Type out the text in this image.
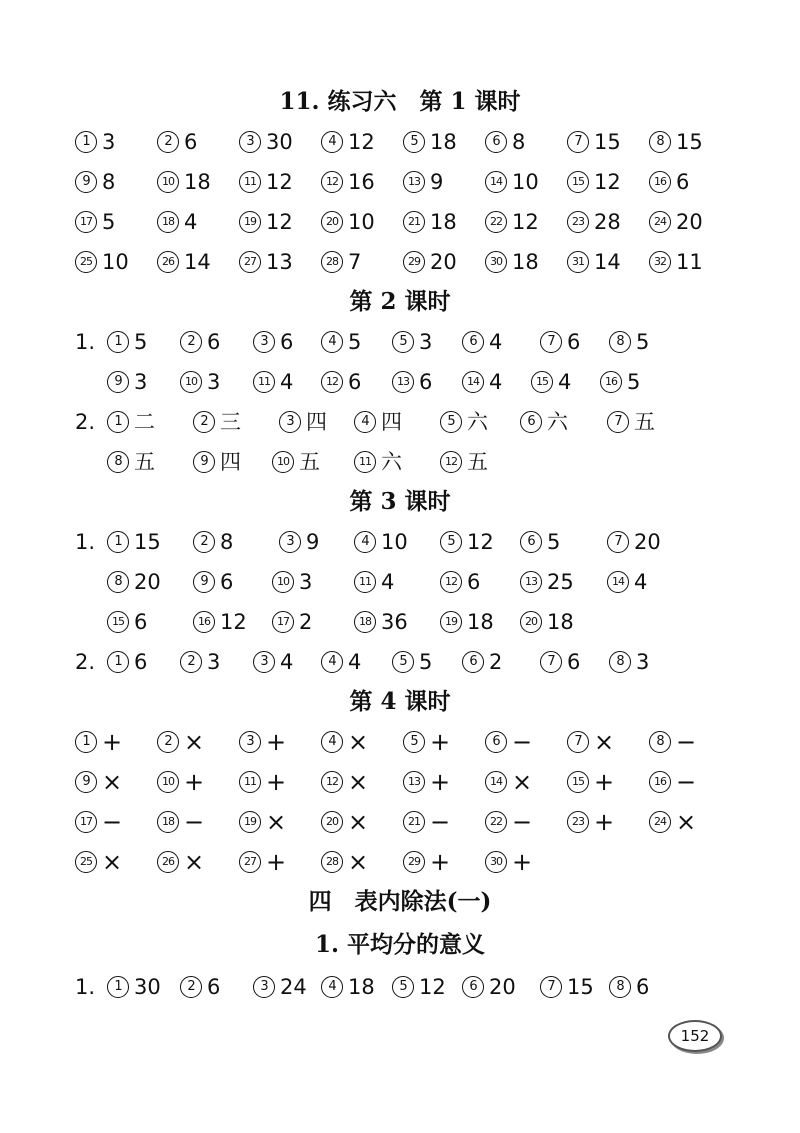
11. 练习六　第 1 课时
第 2 课时
第 3 课时
第 4 课时
四　表内除法(一)
1. 平均分的意义
1 3	2 6	3 30	4 12	5 18	6 8	7 15	8 15
9 8	10 18	11 12	12 16	13 9	14 10	15 12	16 6
17 5	18 4	19 12	20 10	21 18	22 12	23 28	24 20
25 10	26 14	27 13	28 7	29 20	30 18	31 14	32 11
1.	1 5	2 6	3 6	4 5	5 3	6 4	7 6	8 5
9 3	10 3	11 4	12 6	13 6	14 4	15 4	16 5
2.	1 二	2 三	3 四	4 四	5 六	6 六	7 五
8 五	9 四	10 五	11 六	12 五
1.	1 15	2 8	3 9	4 10	5 12	6 5	7 20
8 20	9 6	10 3	11 4	12 6	13 25	14 4
15 6	16 12	17 2	18 36	19 18	20 18
2.	1 6	2 3	3 4	4 4	5 5	6 2	7 6	8 3
1 +	2 ×	3 +	4 ×	5 +	6 −	7 ×	8 −
9 ×	10 +	11 +	12 ×	13 +	14 ×	15 +	16 −
17 −	18 −	19 ×	20 ×	21 −	22 −	23 +	24 ×
25 ×	26 ×	27 +	28 ×	29 +	30 +
1.	1 30	2 6	3 24	4 18	5 12	6 20	7 15	8 6
152
